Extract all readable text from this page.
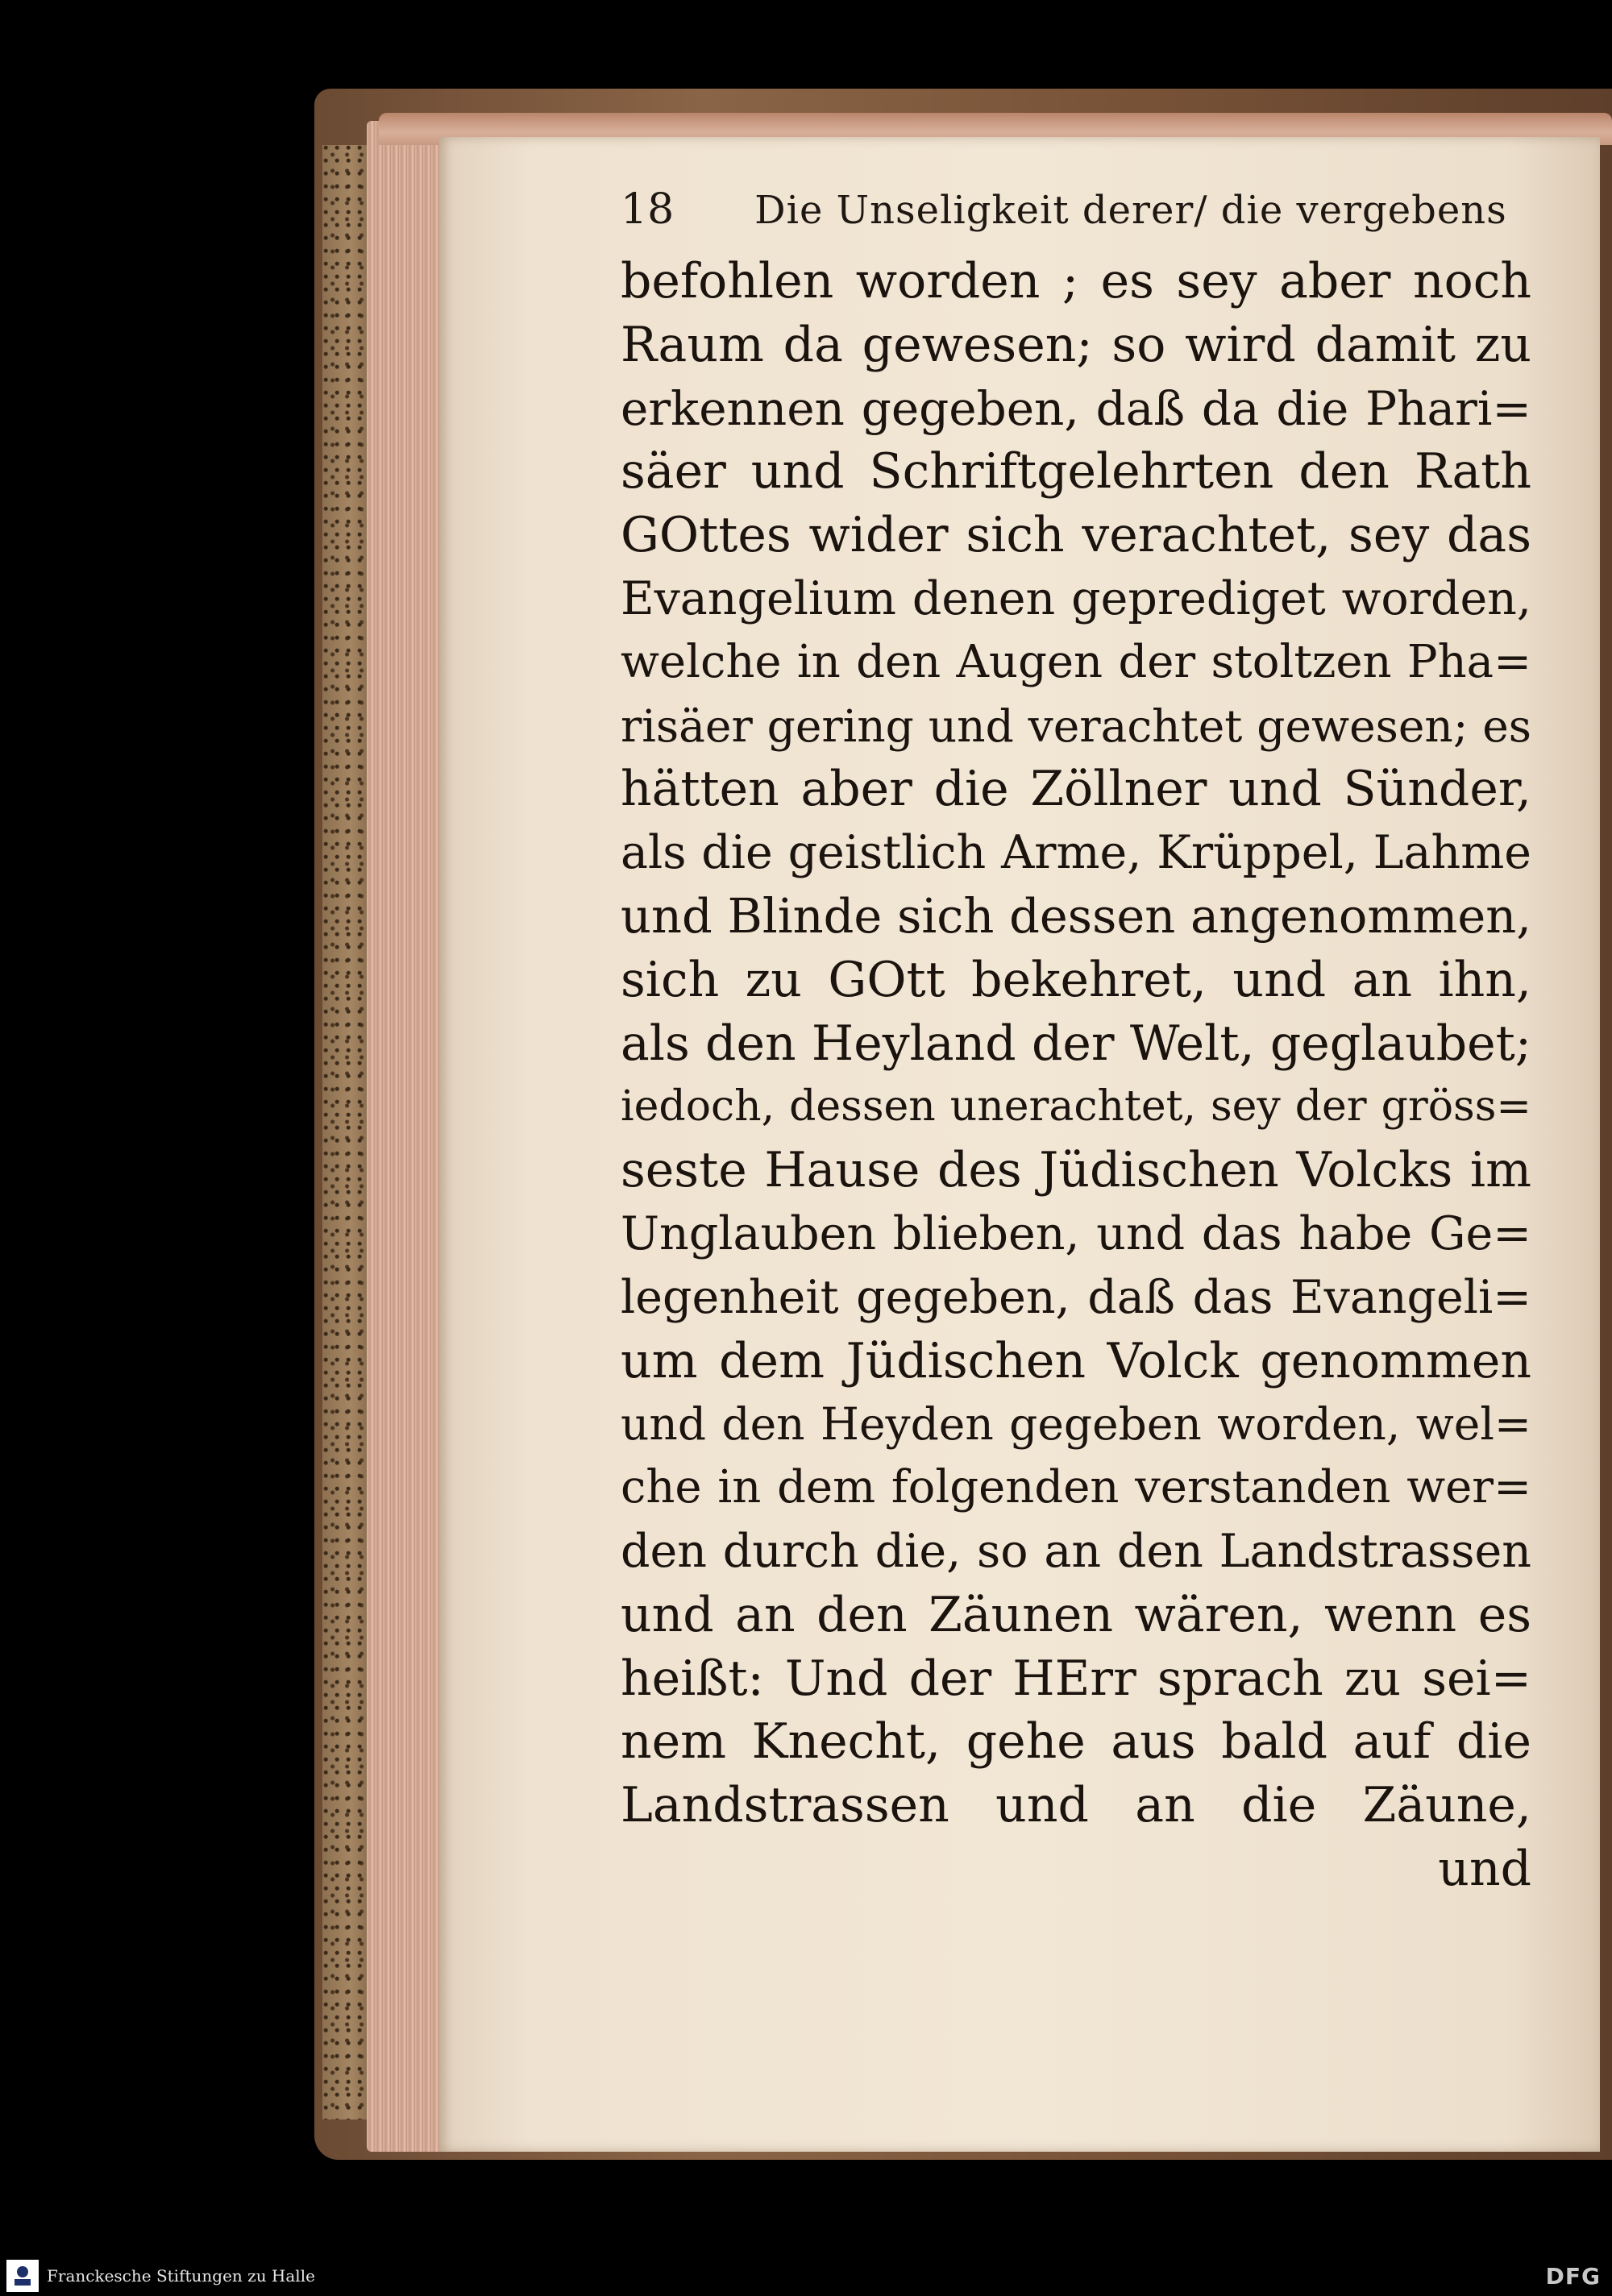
18 Die Unseligkeit derer/ die vergebens
befohlen worden ; es sey aber noch
Raum da gewesen; so wird damit zu
erkennen gegeben, daß da die Phari=
säer und Schriftgelehrten den Rath
GOttes wider sich verachtet, sey das
Evangelium denen geprediget worden,
welche in den Augen der stoltzen Pha=
risäer gering und verachtet gewesen; es
hätten aber die Zöllner und Sünder,
als die geistlich Arme, Krüppel, Lahme
und Blinde sich dessen angenommen,
sich zu GOtt bekehret, und an ihn,
als den Heyland der Welt, geglaubet;
iedoch, dessen unerachtet, sey der gröss=
seste Hause des Jüdischen Volcks im
Unglauben blieben, und das habe Ge=
legenheit gegeben, daß das Evangeli=
um dem Jüdischen Volck genommen
und den Heyden gegeben worden, wel=
che in dem folgenden verstanden wer=
den durch die, so an den Landstrassen
und an den Zäunen wären, wenn es
heißt: Und der HErr sprach zu sei=
nem Knecht, gehe aus bald auf die
Landstrassen und an die Zäune,
und
Franckesche Stiftungen zu Halle	DFG
